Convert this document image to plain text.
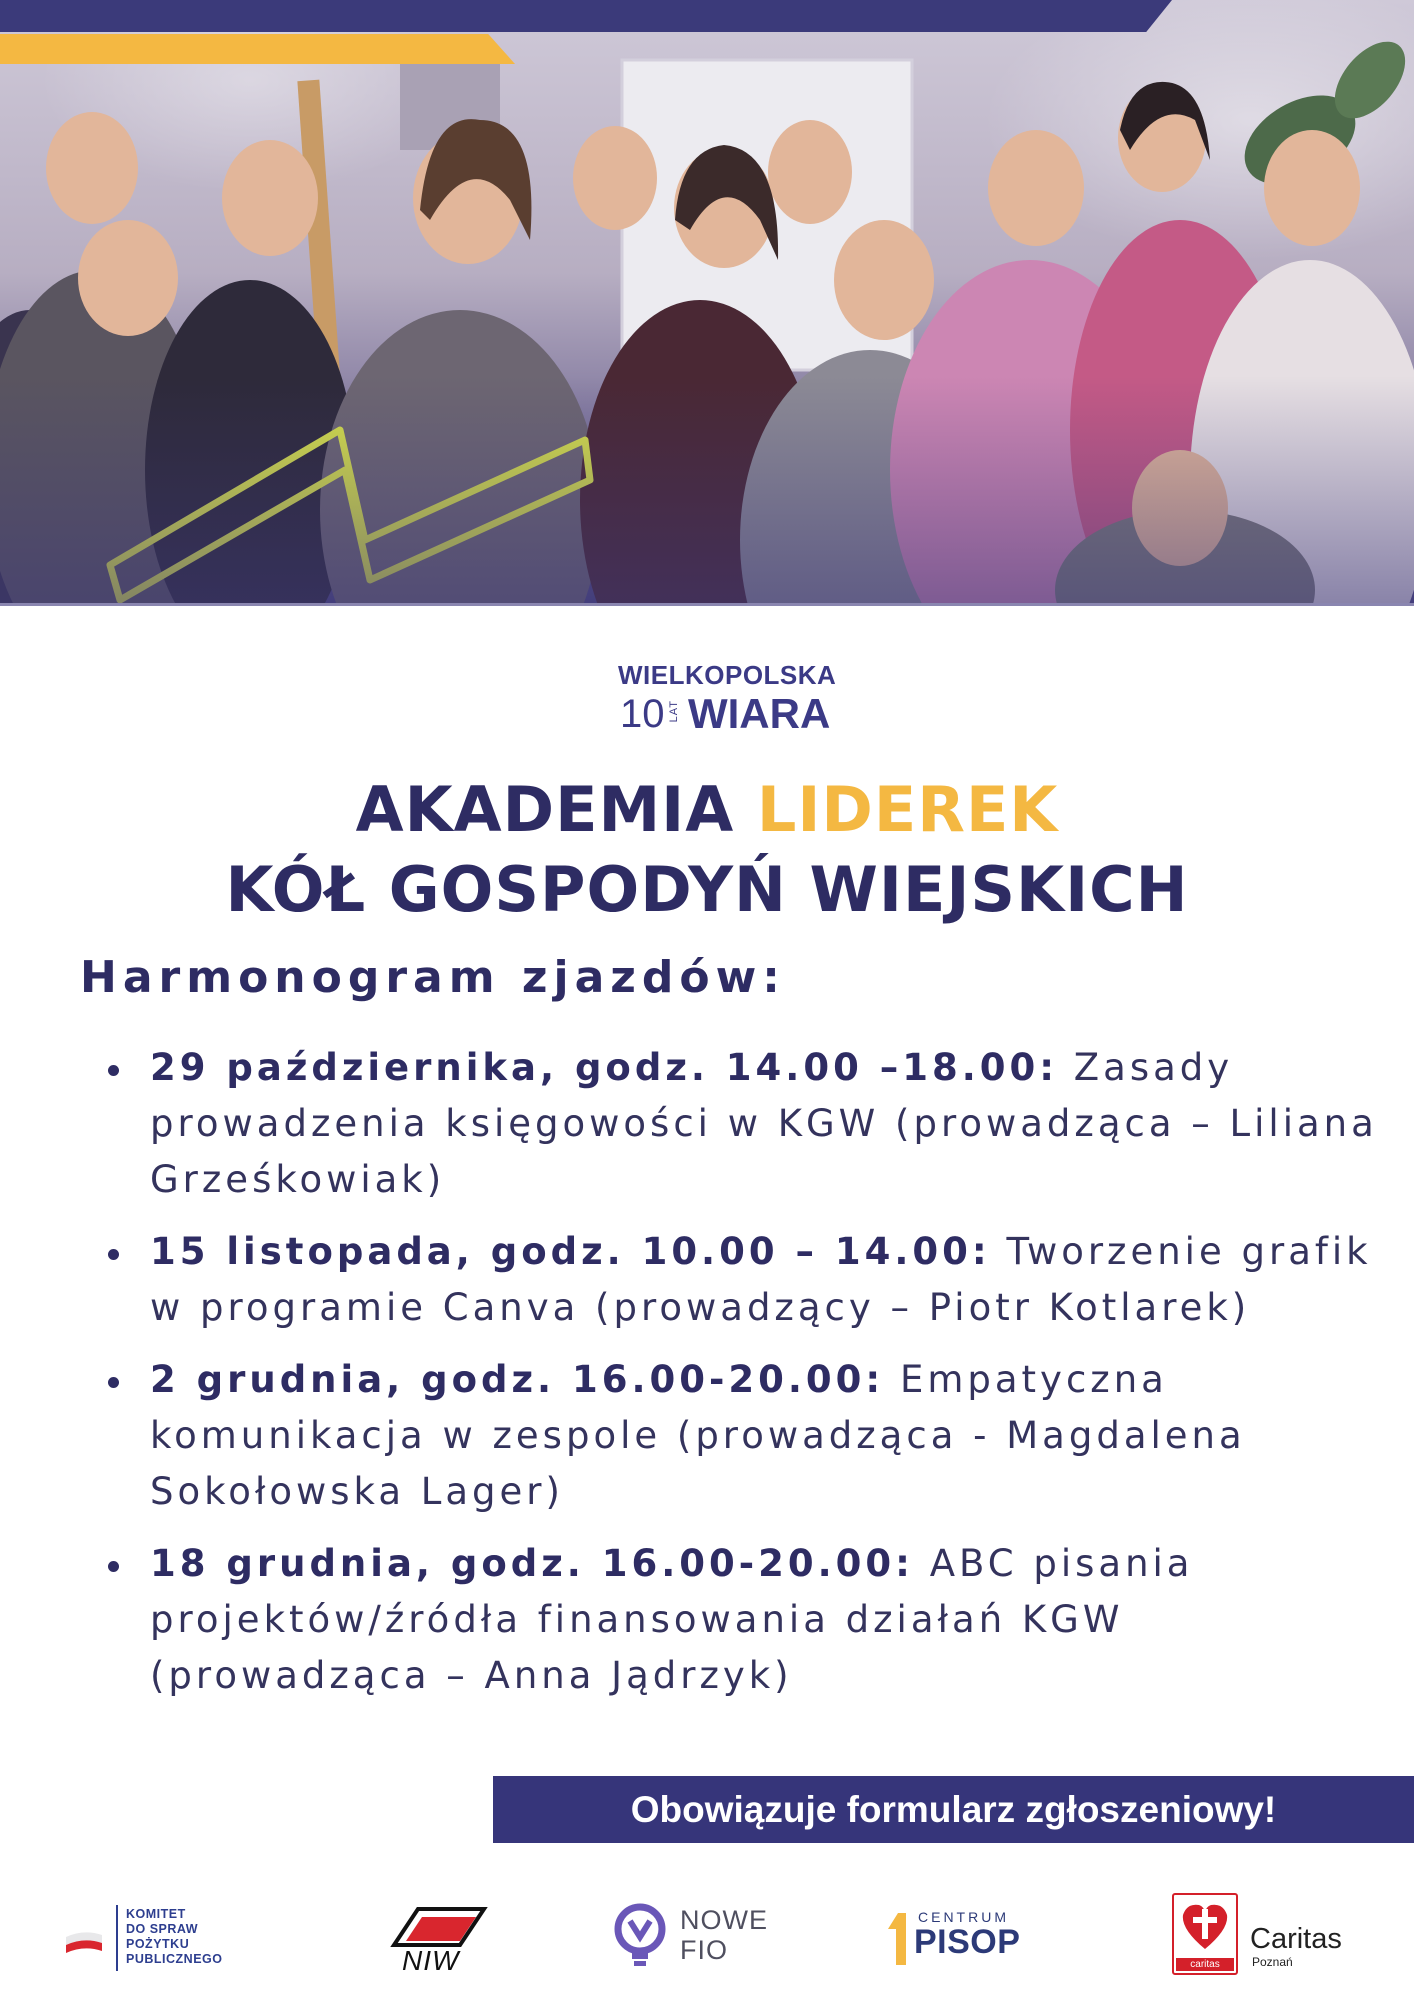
WIELKOPOLSKA
10 LAT WIARA
AKADEMIA LIDEREK
KÓŁ GOSPODYŃ WIEJSKICH
Harmonogram zjazdów:
29 października, godz. 14.00 –18.00: Zasady prowadzenia księgowości w KGW (prowadząca – Liliana Grześkowiak)
15 listopada, godz. 10.00 – 14.00: Tworzenie grafik w programie Canva (prowadzący – Piotr Kotlarek)
2 grudnia, godz. 16.00-20.00: Empatyczna komunikacja w zespole (prowadząca - Magdalena Sokołowska Lager)
18 grudnia, godz. 16.00-20.00: ABC pisania projektów/źródła finansowania działań KGW (prowadząca – Anna Jądrzyk)
Obowiązuje formularz zgłoszeniowy!
KOMITET
DO SPRAW
POŻYTKU
PUBLICZNEGO	NIW
NOWE
FIO
CENTRUM
PISOP
caritas
Caritas
Poznań
